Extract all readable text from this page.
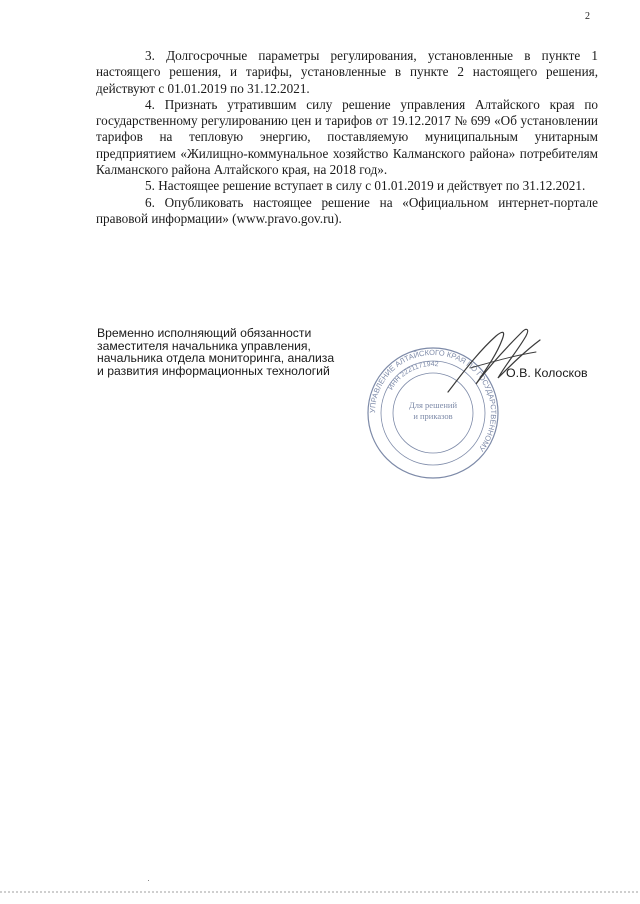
2

3. Долгосрочные параметры регулирования, установленные в пункте 1 настоящего решения, и тарифы, установленные в пункте 2 настоящего решения, действуют с 01.01.2019 по 31.12.2021.

4. Признать утратившим силу решение управления Алтайского края по государственному регулированию цен и тарифов от 19.12.2017 № 699 «Об установлении тарифов на тепловую энергию, поставляемую муниципальным унитарным предприятием «Жилищно-коммунальное хозяйство Калманского района» потребителям Калманского района Алтайского края, на 2018 год».

5. Настоящее решение вступает в силу с 01.01.2019 и действует по 31.12.2021.

6. Опубликовать настоящее решение на «Официальном интернет-портале правовой информации» (www.pravo.gov.ru).

Временно исполняющий обязанности
заместителя начальника управления,
начальника отдела мониторинга, анализа
и развития информационных технологий
УПРАВЛЕНИЕ АЛТАЙСКОГО КРАЯ ПО ГОСУДАРСТВЕННОМУ
ИНН 2221171942
Для решений
и приказов
О.В. Колосков
